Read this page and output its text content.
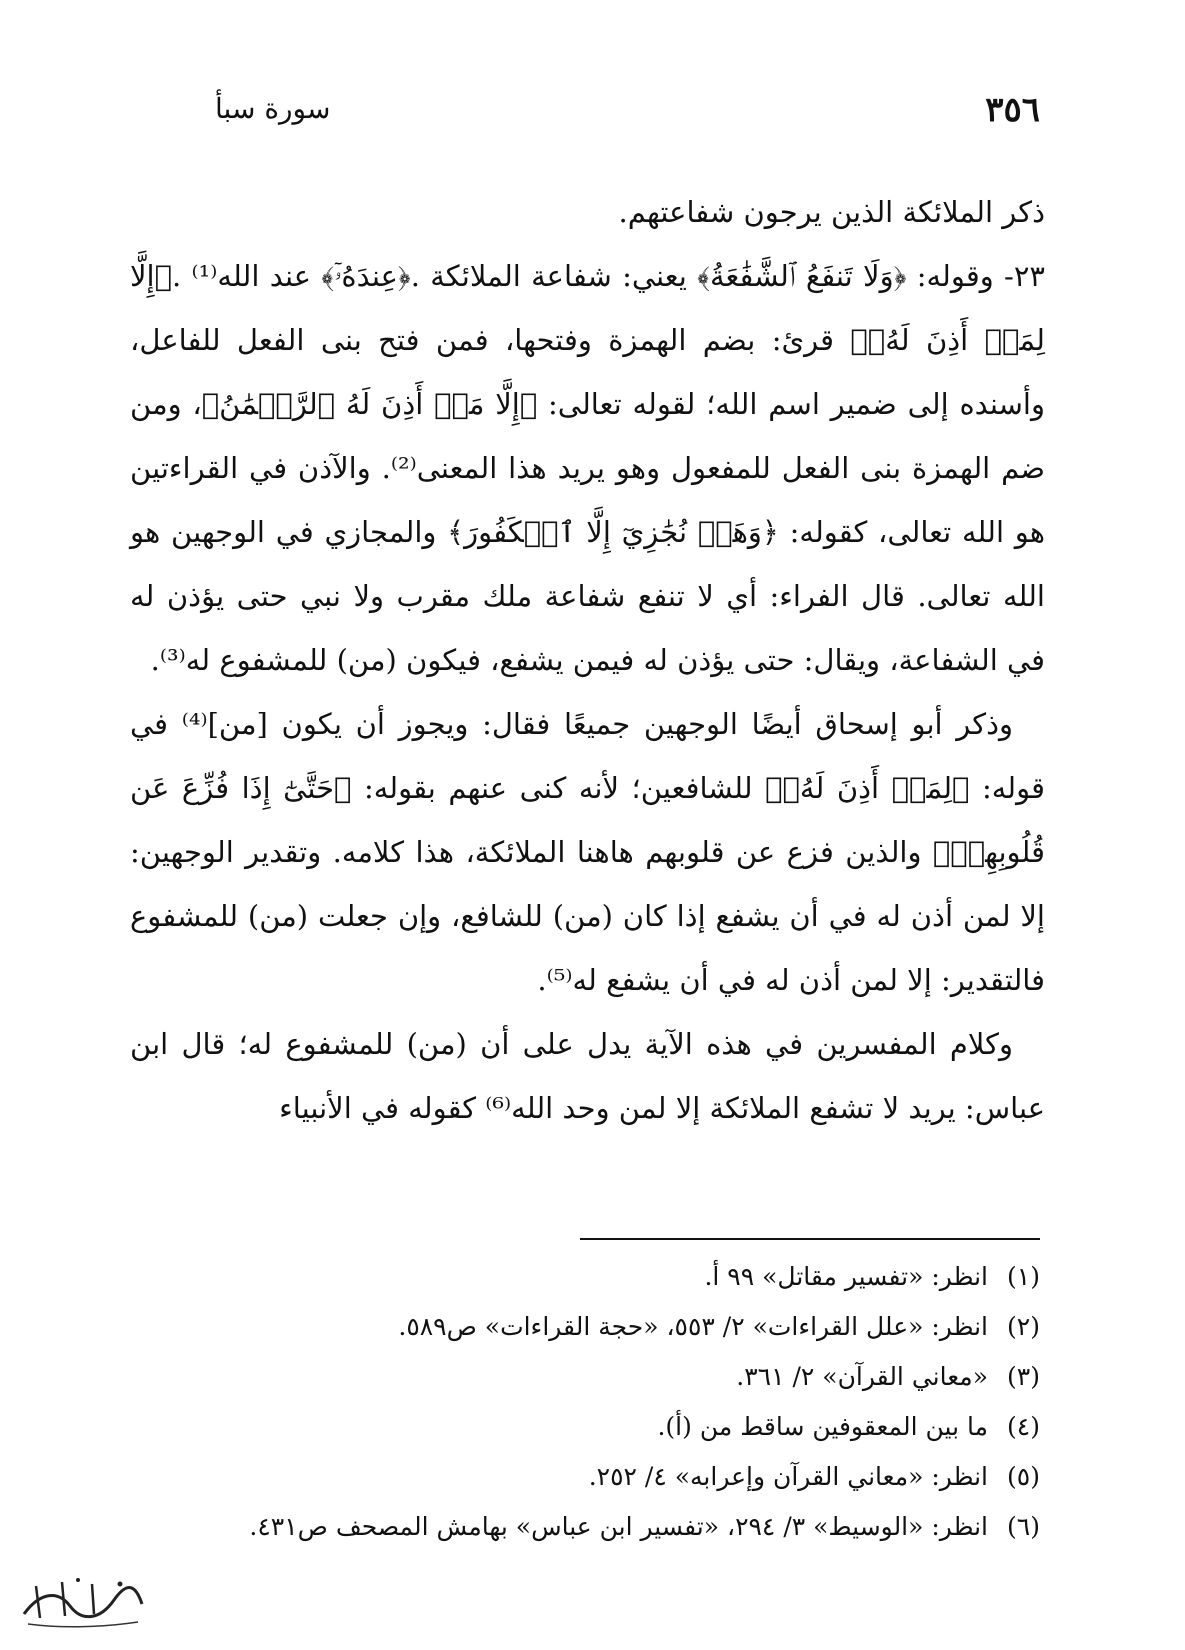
٣٥٦
سورة سبأ

ذكر الملائكة الذين يرجون شفاعتهم.

٢٣- وقوله: ﴿وَلَا تَنفَعُ ٱلشَّفَٰعَةُ﴾ يعني: شفاعة الملائكة .﴿عِندَهُۥٓ﴾ عند الله⁽¹⁾ .﴿إِلَّا لِمَنۡ أَذِنَ لَهُۥ﴾ قرئ: بضم الهمزة وفتحها، فمن فتح بنى الفعل للفاعل، وأسنده إلى ضمير اسم الله؛ لقوله تعالى: ﴿إِلَّا مَنۡ أَذِنَ لَهُ ٱلرَّحۡمَٰنُ﴾، ومن ضم الهمزة بنى الفعل للمفعول وهو يريد هذا المعنى⁽²⁾. والآذن في القراءتين هو الله تعالى، كقوله: ﴿وَهَلۡ نُجَٰزِيٓ إِلَّا ٱلۡكَفُورَ﴾ والمجازي في الوجهين هو الله تعالى. قال الفراء: أي لا تنفع شفاعة ملك مقرب ولا نبي حتى يؤذن له في الشفاعة، ويقال: حتى يؤذن له فيمن يشفع، فيكون (من) للمشفوع له⁽³⁾.

وذكر أبو إسحاق أيضًا الوجهين جميعًا فقال: ويجوز أن يكون [من]⁽⁴⁾ في قوله: ﴿لِمَنۡ أَذِنَ لَهُۥ﴾ للشافعين؛ لأنه كنى عنهم بقوله: ﴿حَتَّىٰٓ إِذَا فُزِّعَ عَن قُلُوبِهِمۡ﴾ والذين فزع عن قلوبهم هاهنا الملائكة، هذا كلامه. وتقدير الوجهين: إلا لمن أذن له في أن يشفع إذا كان (من) للشافع، وإن جعلت (من) للمشفوع فالتقدير: إلا لمن أذن له في أن يشفع له⁽⁵⁾.

وكلام المفسرين في هذه الآية يدل على أن (من) للمشفوع له؛ قال ابن عباس: يريد لا تشفع الملائكة إلا لمن وحد الله⁽⁶⁾ كقوله في الأنبياء

(١)
انظر: «تفسير مقاتل» ٩٩ أ.
(٢)
انظر: «علل القراءات» ٢/ ٥٥٣، «حجة القراءات» ص٥٨٩.
(٣)
«معاني القرآن» ٢/ ٣٦١.
(٤)
ما بين المعقوفين ساقط من (أ).
(٥)
انظر: «معاني القرآن وإعرابه» ٤/ ٢٥٢.
(٦)
انظر: «الوسيط» ٣/ ٢٩٤، «تفسير ابن عباس» بهامش المصحف ص٤٣١.
